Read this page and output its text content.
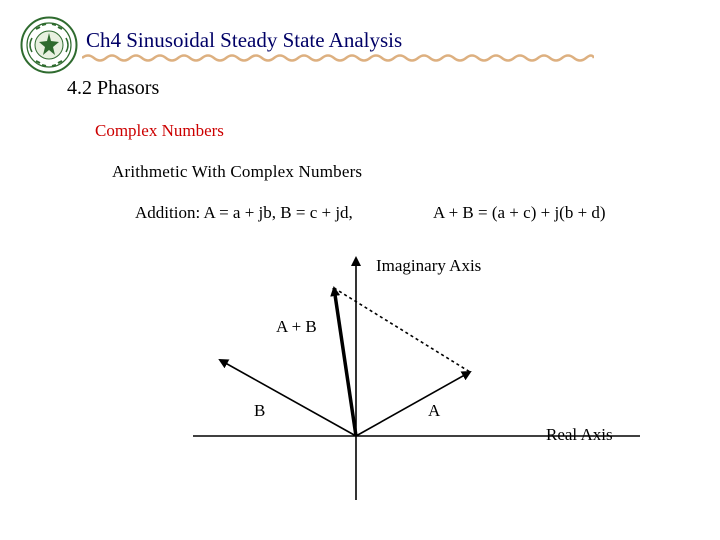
Ch4 Sinusoidal Steady State Analysis
4.2 Phasors
Complex Numbers
Arithmetic With Complex Numbers
Addition: A = a + jb, B = c + jd,	A + B = (a + c) + j(b + d)
Imaginary Axis
Real Axis
A + B
B	A
